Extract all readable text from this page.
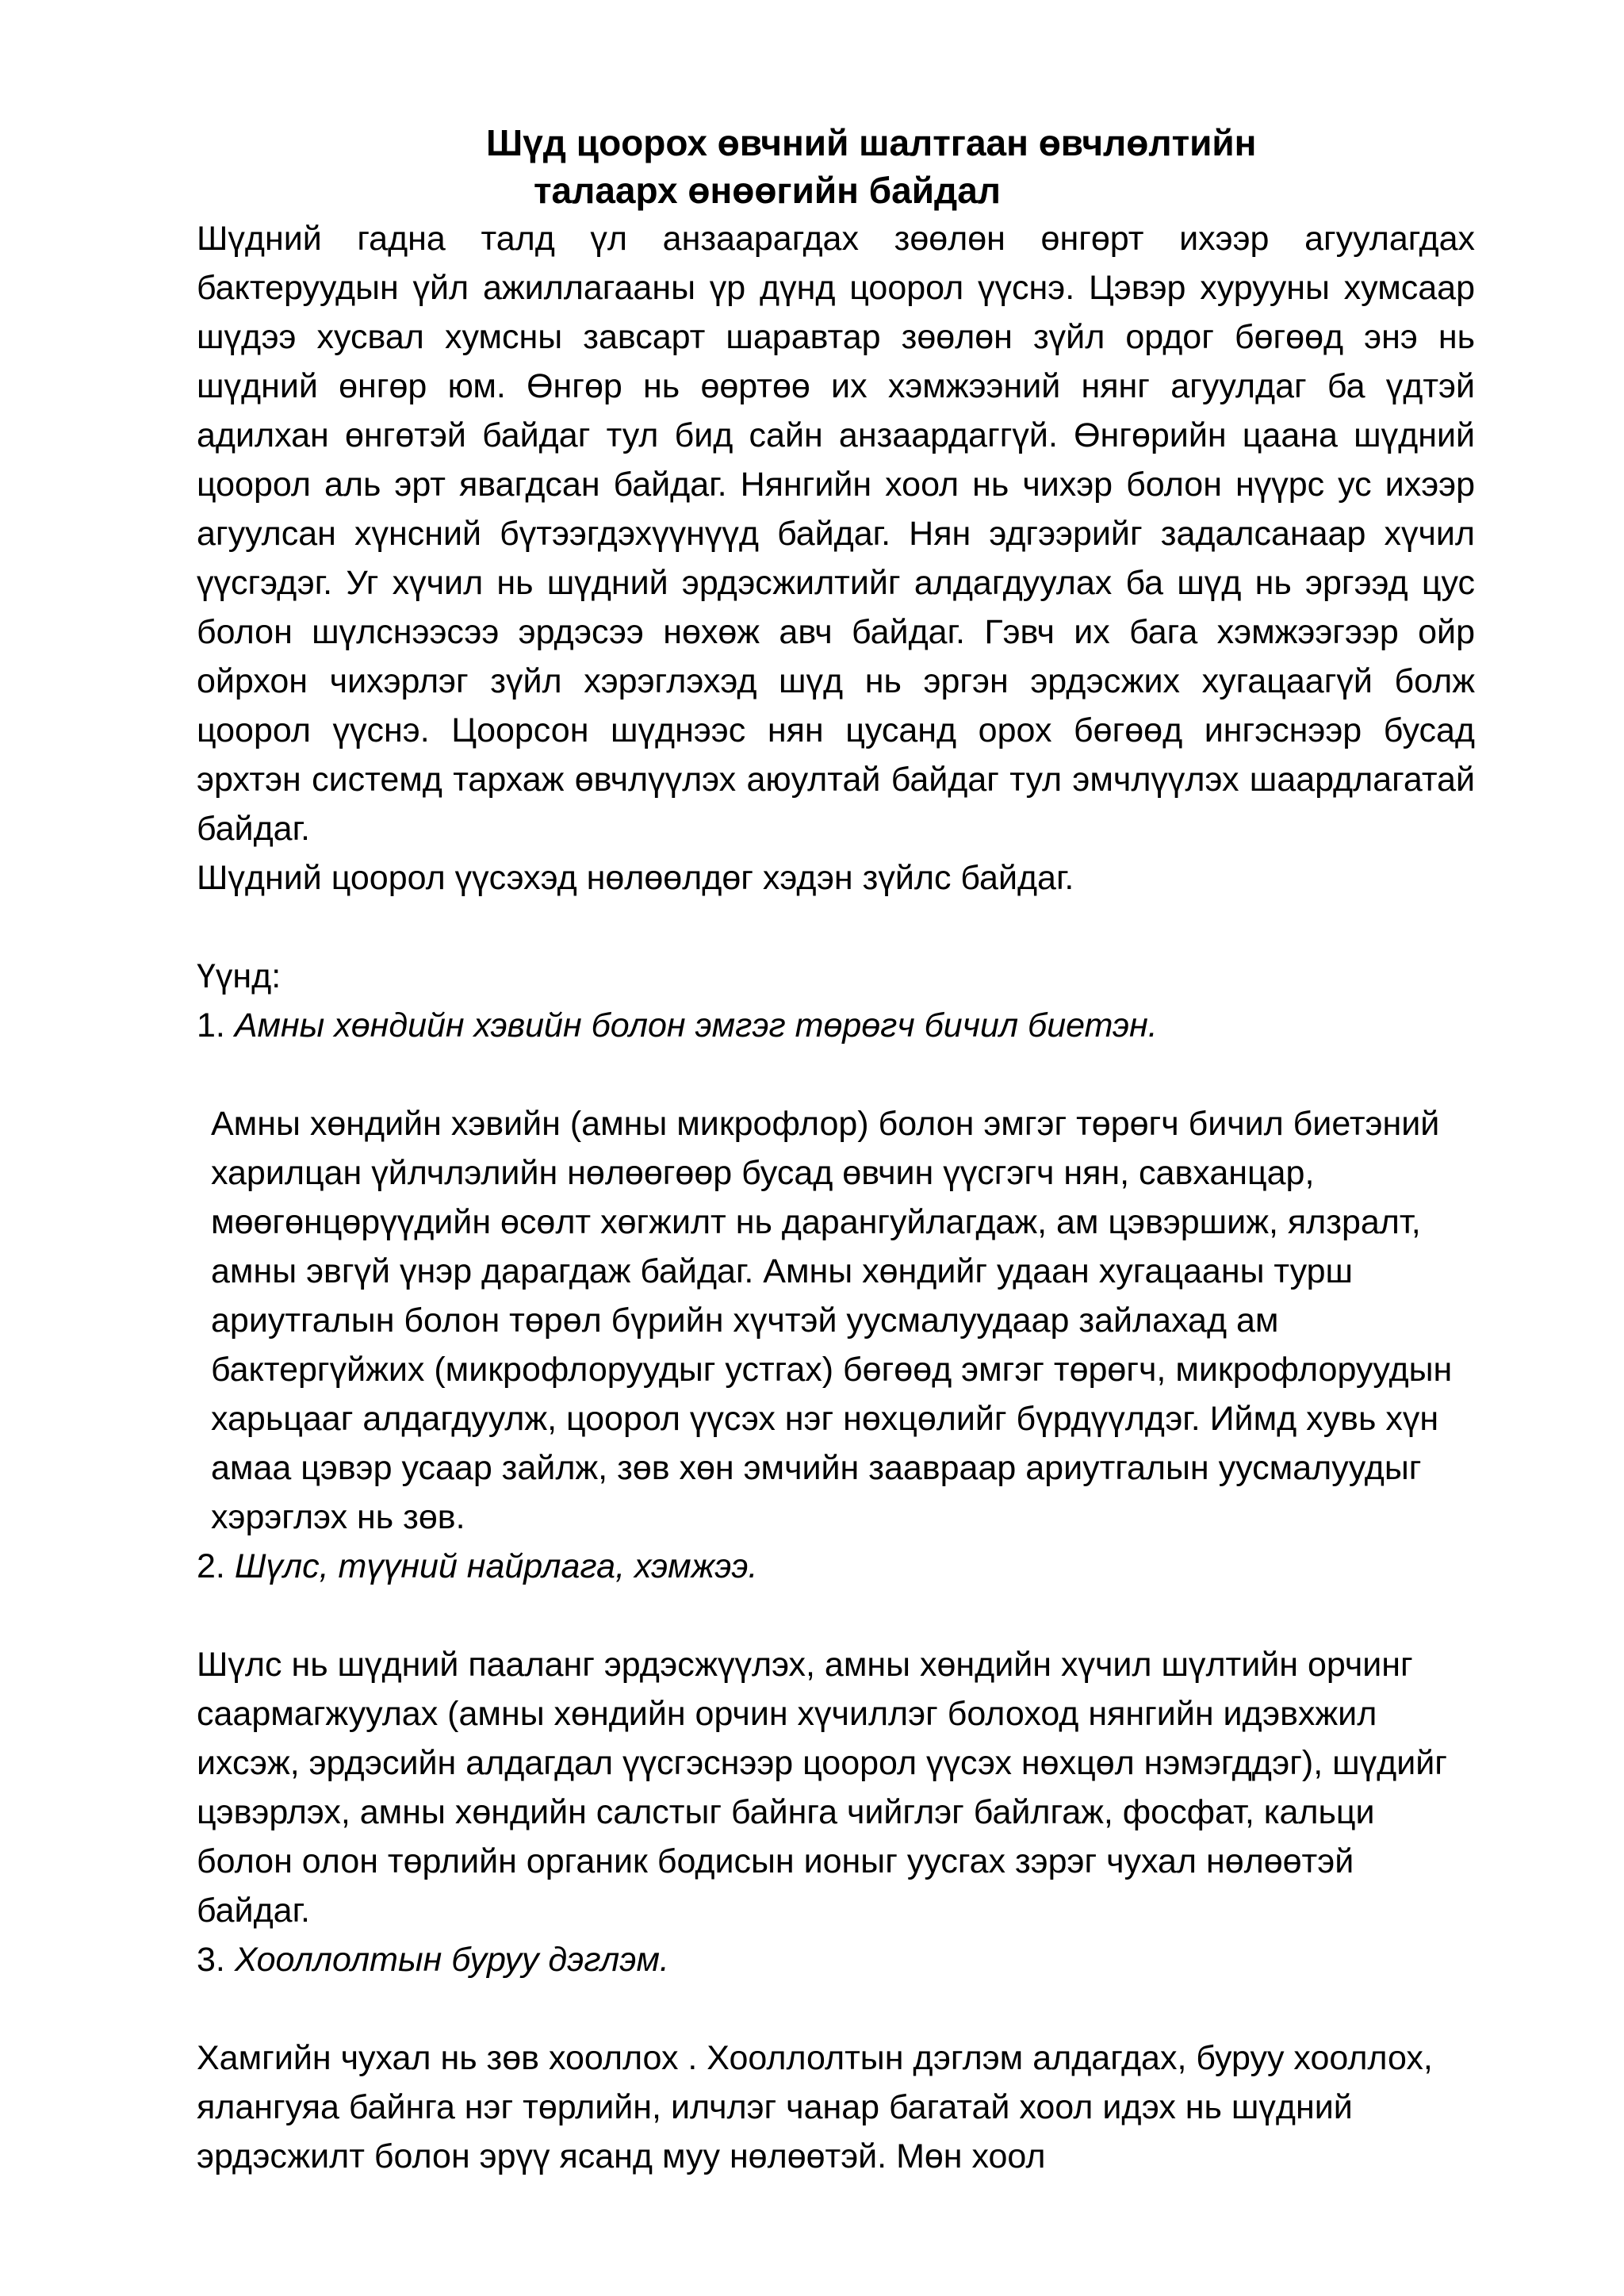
Шүд цоорох өвчний шалтгаан өвчлөлтийн
талаарх өнөөгийн байдал

Шүдний гадна талд үл анзаарагдах зөөлөн өнгөрт ихээр агуулагдах бактеруудын үйл ажиллагааны үр дүнд цоорол үүснэ. Цэвэр хурууны хумсаар шүдээ хусвал хумсны завсарт шаравтар зөөлөн зүйл ордог бөгөөд энэ нь шүдний өнгөр юм. Өнгөр нь өөртөө их хэмжээний нянг агуулдаг ба үдтэй адилхан өнгөтэй байдаг тул бид сайн анзаардаггүй. Өнгөрийн цаана шүдний цоорол аль эрт явагдсан байдаг. Нянгийн хоол нь чихэр болон нүүрс ус ихээр агуулсан хүнсний бүтээгдэхүүнүүд байдаг. Нян эдгээрийг задалсанаар хүчил үүсгэдэг. Уг хүчил нь шүдний эрдэсжилтийг алдагдуулах ба шүд нь эргээд цус болон шүлснээсээ эрдэсээ нөхөж авч байдаг. Гэвч их бага хэмжээгээр ойр ойрхон чихэрлэг зүйл хэрэглэхэд шүд нь эргэн эрдэсжих хугацаагүй болж цоорол үүснэ. Цоорсон шүднээс нян цусанд орох бөгөөд ингэснээр бусад эрхтэн системд тархаж өвчлүүлэх аюултай байдаг тул эмчлүүлэх шаардлагатай байдаг.

Шүдний цоорол үүсэхэд нөлөөлдөг хэдэн зүйлс байдаг.

Үүнд:

1. Амны хөндийн хэвийн болон эмгэг төрөгч бичил биетэн.

Амны хөндийн хэвийн (амны микрофлор) болон эмгэг төрөгч бичил биетэний харилцан үйлчлэлийн нөлөөгөөр бусад өвчин үүсгэгч нян, савханцар, мөөгөнцөрүүдийн өсөлт хөгжилт нь дарангуйлагдаж, ам цэвэршиж, ялзралт, амны эвгүй үнэр дарагдаж байдаг. Амны хөндийг удаан хугацааны турш ариутгалын болон төрөл бүрийн хүчтэй уусмалуудаар зайлахад ам бактергүйжих (микрофлоруудыг устгах) бөгөөд эмгэг төрөгч, микрофлоруудын харьцааг алдагдуулж, цоорол үүсэх нэг нөхцөлийг бүрдүүлдэг. Иймд хувь хүн амаа цэвэр усаар зайлж, зөв хөн эмчийн заавраар ариутгалын уусмалуудыг хэрэглэх нь зөв.

2. Шүлс, түүний найрлага, хэмжээ.

Шүлс нь шүдний пааланг эрдэсжүүлэх, амны хөндийн хүчил шүлтийн орчинг саармагжуулах (амны хөндийн орчин хүчиллэг болоход нянгийн идэвхжил ихсэж, эрдэсийн алдагдал үүсгэснээр цоорол үүсэх нөхцөл нэмэгддэг), шүдийг цэвэрлэх, амны хөндийн салстыг байнга чийглэг байлгаж, фосфат, кальци болон олон төрлийн органик бодисын ионыг уусгах зэрэг чухал нөлөөтэй байдаг.

3. Хооллолтын буруу дэглэм.

Хамгийн чухал нь зөв хооллох . Хооллолтын дэглэм алдагдах, буруу хооллох, ялангуяа байнга нэг төрлийн, илчлэг чанар багатай хоол идэх нь шүдний эрдэсжилт болон эрүү ясанд муу нөлөөтэй. Мөн хоол
